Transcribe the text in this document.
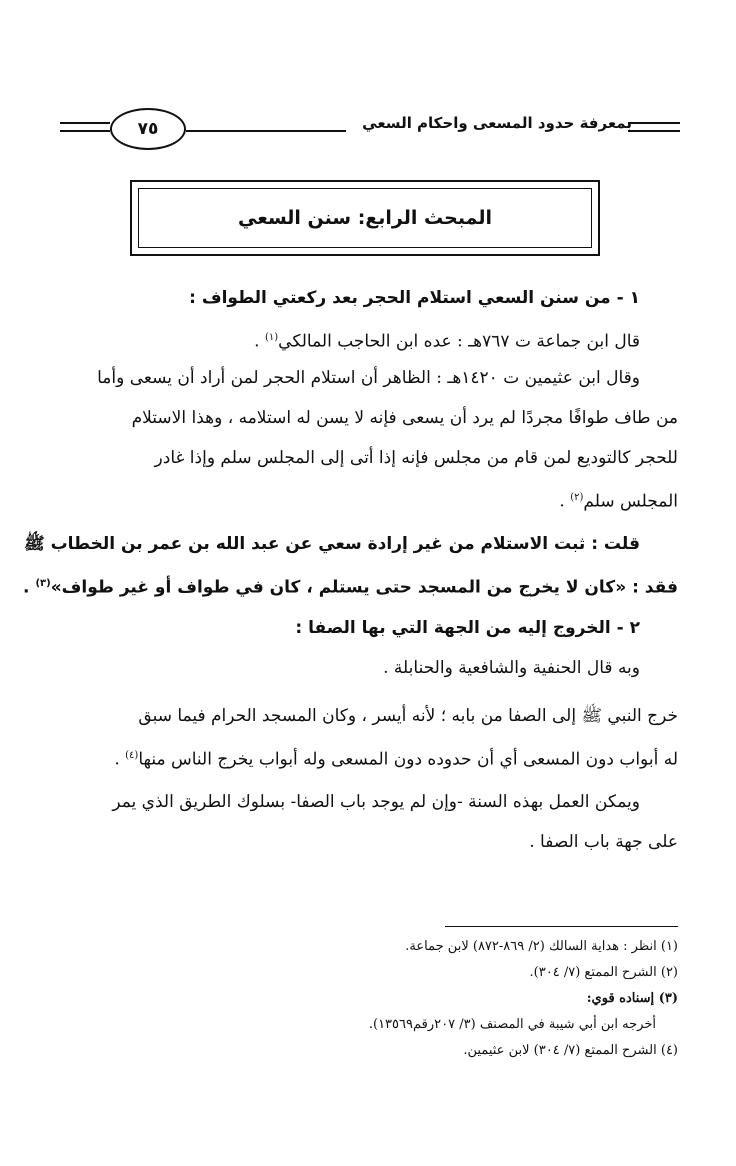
بمعرفة حدود المسعى واحكام السعي
٧٥
المبحث الرابع: سنن السعي
١ - من سنن السعي استلام الحجر بعد ركعتي الطواف :
قال ابن جماعة ت ٧٦٧هـ : عده ابن الحاجب المالكي$^{(١)}$ .
وقال ابن عثيمين ت ١٤٢٠هـ : الظاهر أن استلام الحجر لمن أراد أن يسعى وأما
من طاف طوافًا مجردًا لم يرد أن يسعى فإنه لا يسن له استلامه ، وهذا الاستلام
للحجر كالتوديع لمن قام من مجلس فإنه إذا أتى إلى المجلس سلم وإذا غادر
المجلس سلم$^{(٢)}$ .
قلت : ثبت الاستلام من غير إرادة سعي عن عبد الله بن عمر بن الخطاب ﷺ
فقد : «كان لا يخرج من المسجد حتى يستلم ، كان في طواف أو غير طواف»$^{(٣)}$ .
٢ - الخروج إليه من الجهة التي بها الصفا :
وبه قال الحنفية والشافعية والحنابلة .
خرج النبي ﷺ إلى الصفا من بابه ؛ لأنه أيسر ، وكان المسجد الحرام فيما سبق
له أبواب دون المسعى أي أن حدوده دون المسعى وله أبواب يخرج الناس منها$^{(٤)}$ .
ويمكن العمل بهذه السنة -وإن لم يوجد باب الصفا- بسلوك الطريق الذي يمر
على جهة باب الصفا .
(١) انظر : هداية السالك (٢/ ٨٦٩-٨٧٢) لابن جماعة.
(٢) الشرح الممتع (٧/ ٣٠٤).
(٣) إسناده قوي:
أخرجه ابن أبي شيبة في المصنف (٣/ ٢٠٧رقم١٣٥٦٩).
(٤) الشرح الممتع (٧/ ٣٠٤) لابن عثيمين.
